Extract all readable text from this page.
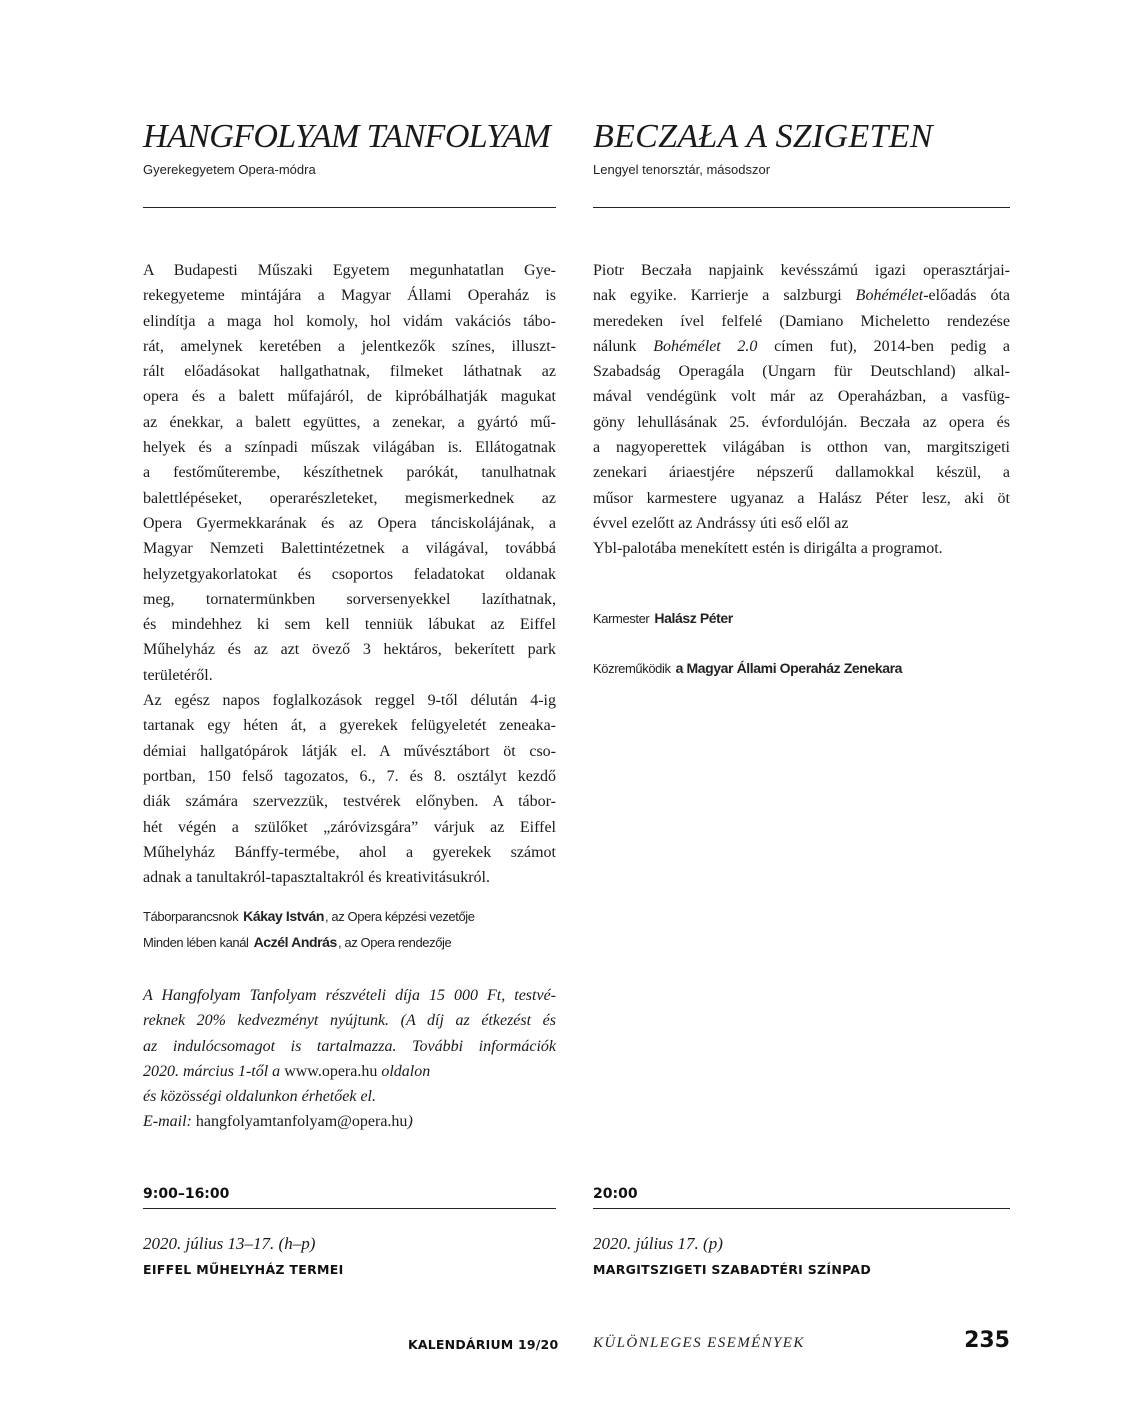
HANGFOLYAM TANFOLYAM
Gyerekegyetem Opera-módra

A Budapesti Műszaki Egyetem megunhatatlan Gye-

rekegyeteme mintájára a Magyar Állami Operaház is

elindítja a maga hol komoly, hol vidám vakációs tábo-

rát, amelynek keretében a jelentkezők színes, illuszt-

rált előadásokat hallgathatnak, filmeket láthatnak az

opera és a balett műfajáról, de kipróbálhatják magukat

az énekkar, a balett együttes, a zenekar, a gyártó mű-

helyek és a színpadi műszak világában is. Ellátogatnak

a festőműterembe, készíthetnek parókát, tanulhatnak

balettlépéseket, operarészleteket, megismerkednek az

Opera Gyermekkarának és az Opera tánciskolájának, a

Magyar Nemzeti Balettintézetnek a világával, továbbá

helyzetgyakorlatokat és csoportos feladatokat oldanak

meg, tornatermünkben sorversenyekkel lazíthatnak,

és mindehhez ki sem kell tenniük lábukat az Eiffel

Műhelyház és az azt övező 3 hektáros, bekerített park

területéről.

Az egész napos foglalkozások reggel 9-től délután 4-ig

tartanak egy héten át, a gyerekek felügyeletét zeneaka-

démiai hallgatópárok látják el. A művésztábort öt cso-

portban, 150 felső tagozatos, 6., 7. és 8. osztályt kezdő

diák számára szervezzük, testvérek előnyben. A tábor-

hét végén a szülőket „záróvizsgára” várjuk az Eiffel

Műhelyház Bánffy-termébe, ahol a gyerekek számot

adnak a tanultakról-tapasztaltakról és kreativitásukról.

Táborparancsnok Kákay István, az Opera képzési vezetője
Minden lében kanál Aczél András, az Opera rendezője
A Hangfolyam Tanfolyam részvételi díja 15 000 Ft, testvé-
reknek 20% kedvezményt nyújtunk. (A díj az étkezést és
az indulócsomagot is tartalmazza. További információk
2020. március 1-től a www.opera.hu oldalon
és közösségi oldalunkon érhetőek el.
E-mail: hangfolyamtanfolyam@opera.hu)
9:00–16:00
2020. július 13–17. (h–p)
EIFFEL MŰHELYHÁZ TERMEI
BECZAŁA A SZIGETEN
Lengyel tenorsztár, másodszor

Piotr Beczała napjaink kevésszámú igazi operasztárjai-

nak egyike. Karrierje a salzburgi Bohémélet-előadás óta

meredeken ível felfelé (Damiano Micheletto rendezése

nálunk Bohémélet 2.0 címen fut), 2014-ben pedig a

Szabadság Operagála (Ungarn für Deutschland) alkal-

mával vendégünk volt már az Operaházban, a vasfüg-

göny lehullásának 25. évfordulóján. Beczała az opera és

a nagyoperettek világában is otthon van, margitszigeti

zenekari áriaestjére népszerű dallamokkal készül, a

műsor karmestere ugyanaz a Halász Péter lesz, aki öt

évvel ezelőtt az Andrássy úti eső elől az

Ybl-palotába menekített estén is dirigálta a programot.

Karmester Halász Péter
Közreműködik a Magyar Állami Operaház Zenekara
20:00
2020. július 17. (p)
MARGITSZIGETI SZABADTÉRI SZÍNPAD
KALENDÁRIUM 19/20 KÜLÖNLEGES ESEMÉNYEK	235
